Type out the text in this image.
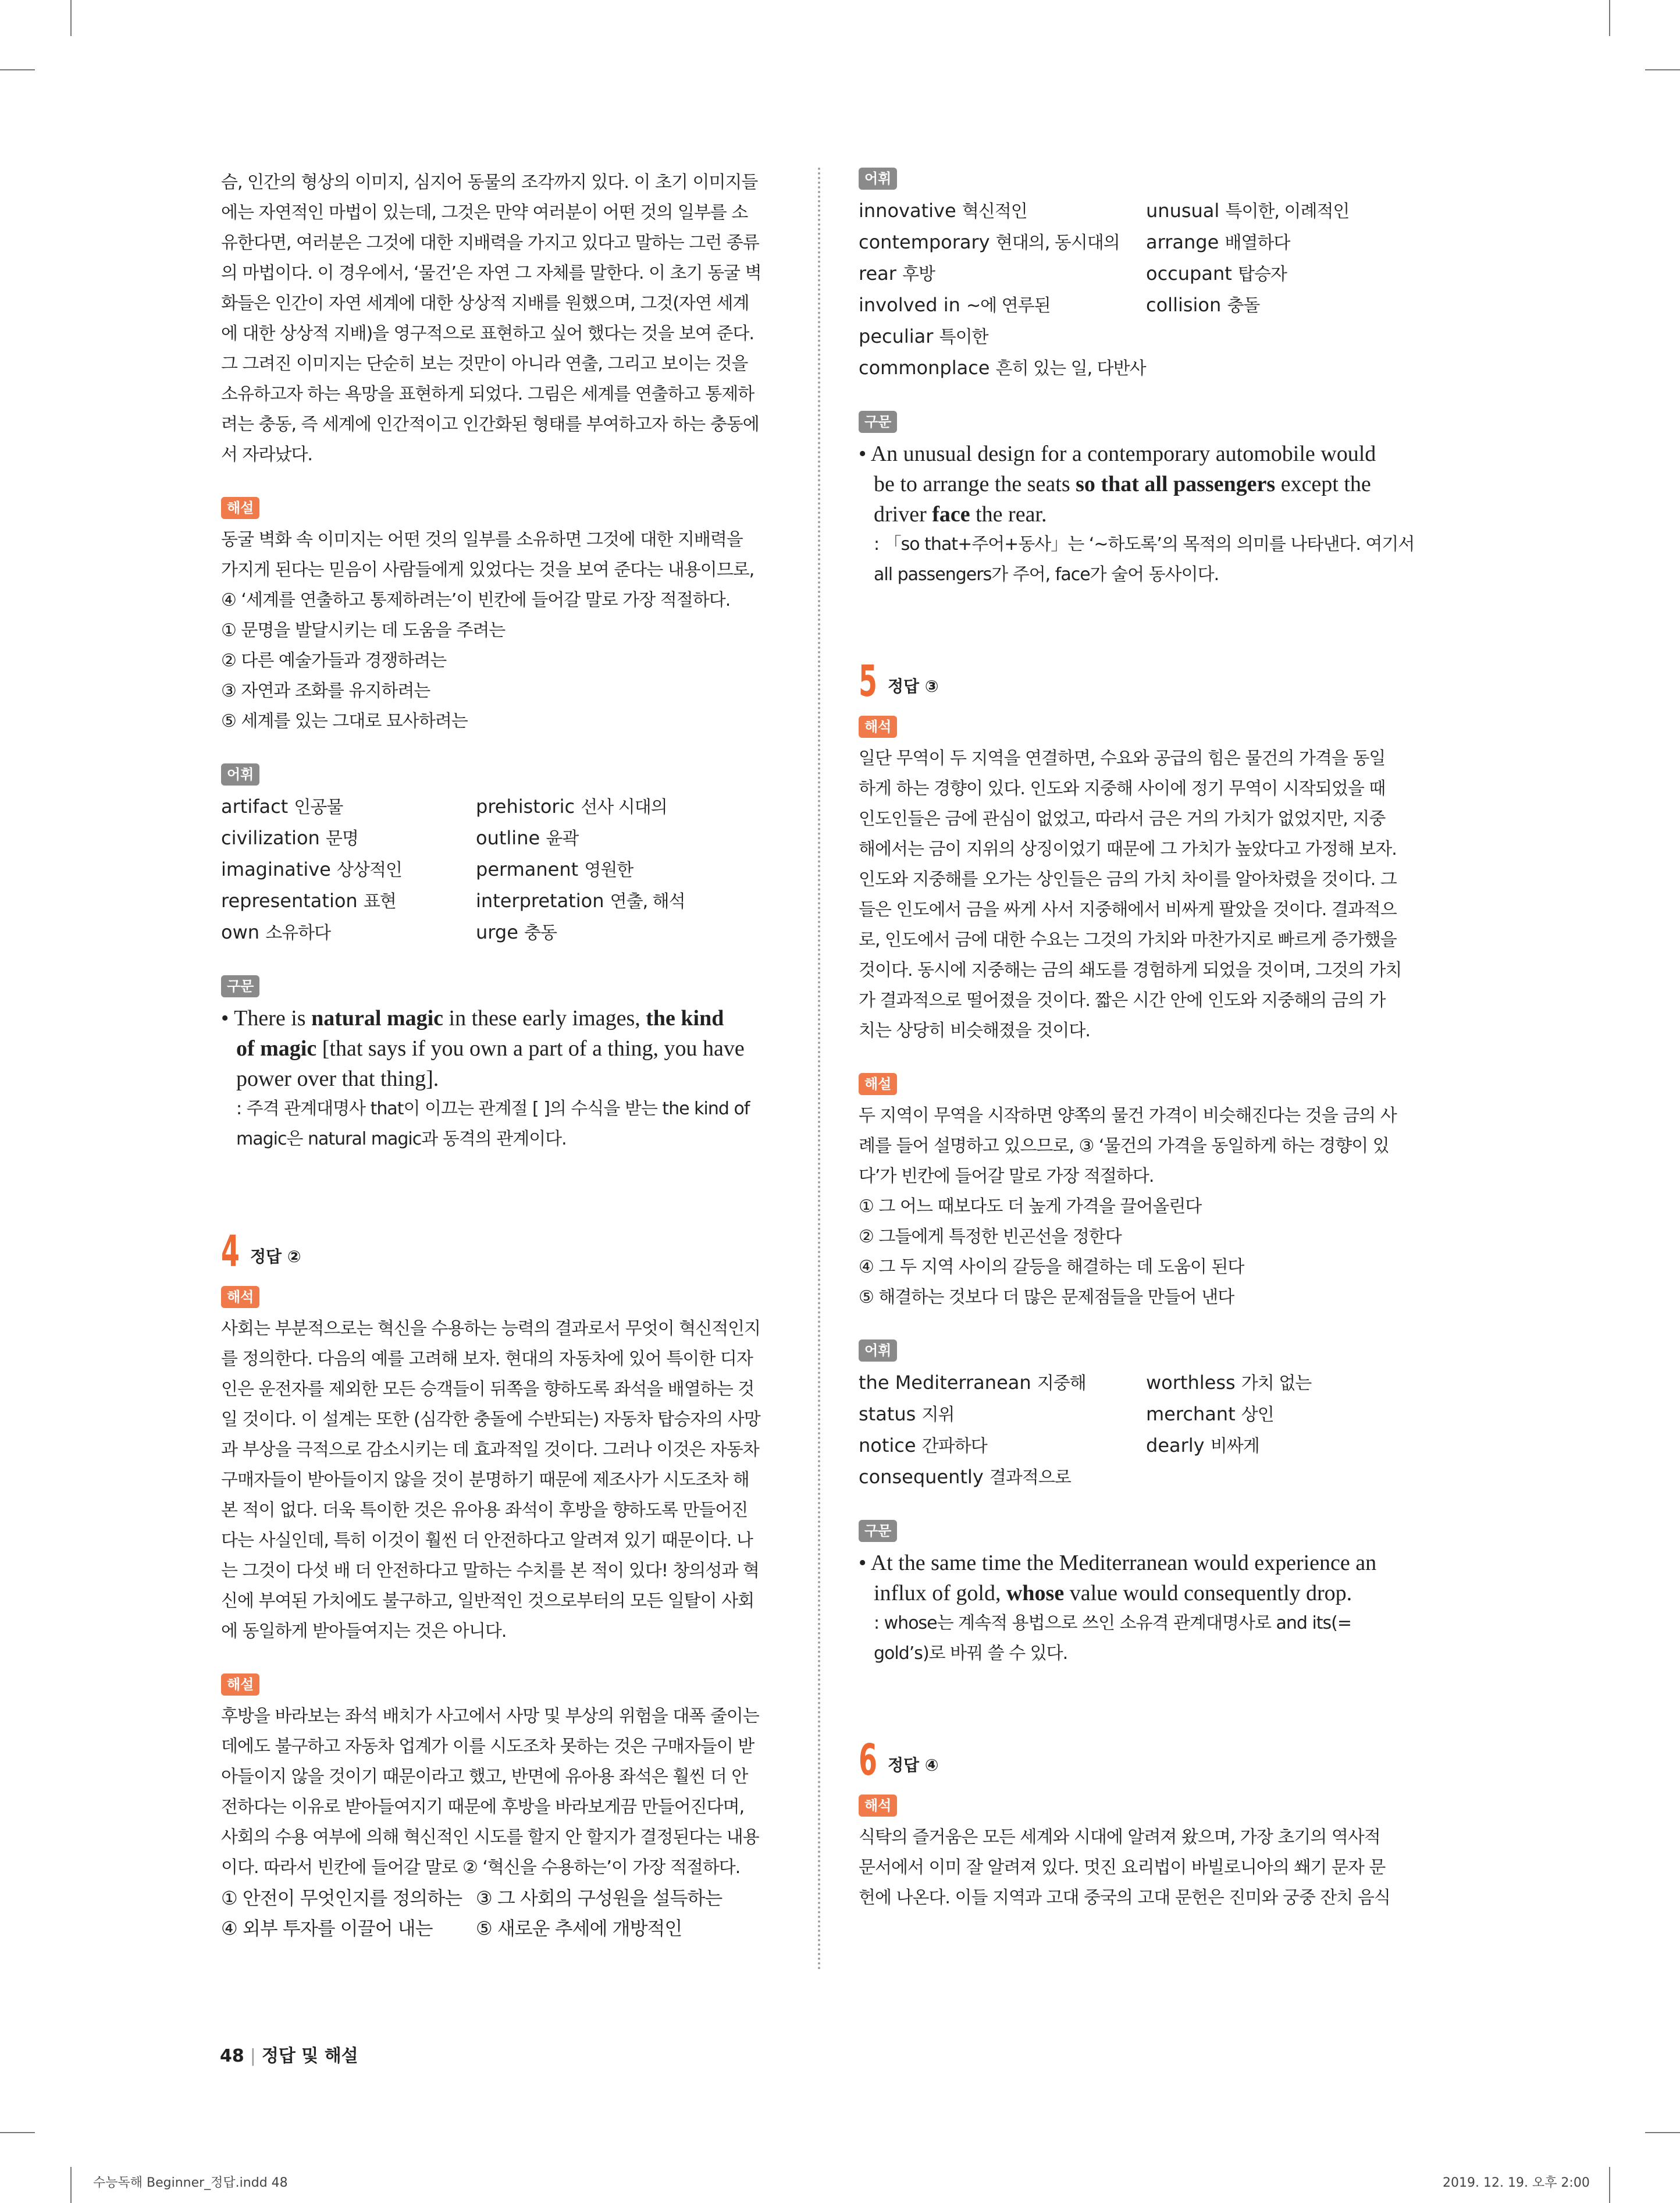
슴, 인간의 형상의 이미지, 심지어 동물의 조각까지 있다. 이 초기 이미지들
에는 자연적인 마법이 있는데, 그것은 만약 여러분이 어떤 것의 일부를 소
유한다면, 여러분은 그것에 대한 지배력을 가지고 있다고 말하는 그런 종류
의 마법이다. 이 경우에서, ‘물건’은 자연 그 자체를 말한다. 이 초기 동굴 벽
화들은 인간이 자연 세계에 대한 상상적 지배를 원했으며, 그것(자연 세계
에 대한 상상적 지배)을 영구적으로 표현하고 싶어 했다는 것을 보여 준다.
그 그려진 이미지는 단순히 보는 것만이 아니라 연출, 그리고 보이는 것을
소유하고자 하는 욕망을 표현하게 되었다. 그림은 세계를 연출하고 통제하
려는 충동, 즉 세계에 인간적이고 인간화된 형태를 부여하고자 하는 충동에
서 자라났다.

해설

동굴 벽화 속 이미지는 어떤 것의 일부를 소유하면 그것에 대한 지배력을
가지게 된다는 믿음이 사람들에게 있었다는 것을 보여 준다는 내용이므로,
④ ‘세계를 연출하고 통제하려는’이 빈칸에 들어갈 말로 가장 적절하다.
① 문명을 발달시키는 데 도움을 주려는
② 다른 예술가들과 경쟁하려는
③ 자연과 조화를 유지하려는
⑤ 세계를 있는 그대로 묘사하려는

어휘
artifact 인공물	prehistoric 선사 시대의
civilization 문명	outline 윤곽
imaginative 상상적인	permanent 영원한
representation 표현	interpretation 연출, 해석
own 소유하다	urge 충동
구문

• There is natural magic in these early images, the kind

of magic [that says if you own a part of a thing, you have

power over that thing].

: 주격 관계대명사 that이 이끄는 관계절 [ ]의 수식을 받는 the kind of

magic은 natural magic과 동격의 관계이다.

4 정답 ②
해석

사회는 부분적으로는 혁신을 수용하는 능력의 결과로서 무엇이 혁신적인지
를 정의한다. 다음의 예를 고려해 보자. 현대의 자동차에 있어 특이한 디자
인은 운전자를 제외한 모든 승객들이 뒤쪽을 향하도록 좌석을 배열하는 것
일 것이다. 이 설계는 또한 (심각한 충돌에 수반되는) 자동차 탑승자의 사망
과 부상을 극적으로 감소시키는 데 효과적일 것이다. 그러나 이것은 자동차
구매자들이 받아들이지 않을 것이 분명하기 때문에 제조사가 시도조차 해
본 적이 없다. 더욱 특이한 것은 유아용 좌석이 후방을 향하도록 만들어진
다는 사실인데, 특히 이것이 훨씬 더 안전하다고 알려져 있기 때문이다. 나
는 그것이 다섯 배 더 안전하다고 말하는 수치를 본 적이 있다! 창의성과 혁
신에 부여된 가치에도 불구하고, 일반적인 것으로부터의 모든 일탈이 사회
에 동일하게 받아들여지는 것은 아니다.

해설

후방을 바라보는 좌석 배치가 사고에서 사망 및 부상의 위험을 대폭 줄이는
데에도 불구하고 자동차 업계가 이를 시도조차 못하는 것은 구매자들이 받
아들이지 않을 것이기 때문이라고 했고, 반면에 유아용 좌석은 훨씬 더 안
전하다는 이유로 받아들여지기 때문에 후방을 바라보게끔 만들어진다며,
사회의 수용 여부에 의해 혁신적인 시도를 할지 안 할지가 결정된다는 내용
이다. 따라서 빈칸에 들어갈 말로 ② ‘혁신을 수용하는’이 가장 적절하다.

① 안전이 무엇인지를 정의하는 ③ 그 사회의 구성원을 설득하는
④ 외부 투자를 이끌어 내는	⑤ 새로운 추세에 개방적인
어휘
innovative 혁신적인	unusual 특이한, 이례적인
contemporary 현대의, 동시대의	arrange 배열하다
rear 후방	occupant 탑승자
involved in ~에 연루된	collision 충돌
peculiar 특이한
commonplace 흔히 있는 일, 다반사
구문

• An unusual design for a contemporary automobile would

be to arrange the seats so that all passengers except the

driver face the rear.

: 「so that+주어+동사」는 ‘~하도록’의 목적의 의미를 나타낸다. 여기서

all passengers가 주어, face가 술어 동사이다.

5 정답 ③
해석

일단 무역이 두 지역을 연결하면, 수요와 공급의 힘은 물건의 가격을 동일
하게 하는 경향이 있다. 인도와 지중해 사이에 정기 무역이 시작되었을 때
인도인들은 금에 관심이 없었고, 따라서 금은 거의 가치가 없었지만, 지중
해에서는 금이 지위의 상징이었기 때문에 그 가치가 높았다고 가정해 보자.
인도와 지중해를 오가는 상인들은 금의 가치 차이를 알아차렸을 것이다. 그
들은 인도에서 금을 싸게 사서 지중해에서 비싸게 팔았을 것이다. 결과적으
로, 인도에서 금에 대한 수요는 그것의 가치와 마찬가지로 빠르게 증가했을
것이다. 동시에 지중해는 금의 쇄도를 경험하게 되었을 것이며, 그것의 가치
가 결과적으로 떨어졌을 것이다. 짧은 시간 안에 인도와 지중해의 금의 가
치는 상당히 비슷해졌을 것이다.

해설

두 지역이 무역을 시작하면 양쪽의 물건 가격이 비슷해진다는 것을 금의 사
례를 들어 설명하고 있으므로, ③ ‘물건의 가격을 동일하게 하는 경향이 있
다’가 빈칸에 들어갈 말로 가장 적절하다.
① 그 어느 때보다도 더 높게 가격을 끌어올린다
② 그들에게 특정한 빈곤선을 정한다
④ 그 두 지역 사이의 갈등을 해결하는 데 도움이 된다
⑤ 해결하는 것보다 더 많은 문제점들을 만들어 낸다

어휘
the Mediterranean 지중해	worthless 가치 없는
status 지위	merchant 상인
notice 간파하다	dearly 비싸게
consequently 결과적으로
구문

• At the same time the Mediterranean would experience an

influx of gold, whose value would consequently drop.

: whose는 계속적 용법으로 쓰인 소유격 관계대명사로 and its(=

gold’s)로 바꿔 쓸 수 있다.

6 정답 ④
해석

식탁의 즐거움은 모든 세계와 시대에 알려져 왔으며, 가장 초기의 역사적
문서에서 이미 잘 알려져 있다. 멋진 요리법이 바빌로니아의 쐐기 문자 문
헌에 나온다. 이들 지역과 고대 중국의 고대 문헌은 진미와 궁중 잔치 음식

48 | 정답 및 해설
수능독해 Beginner_정답.indd 48	2019. 12. 19. 오후 2:00
